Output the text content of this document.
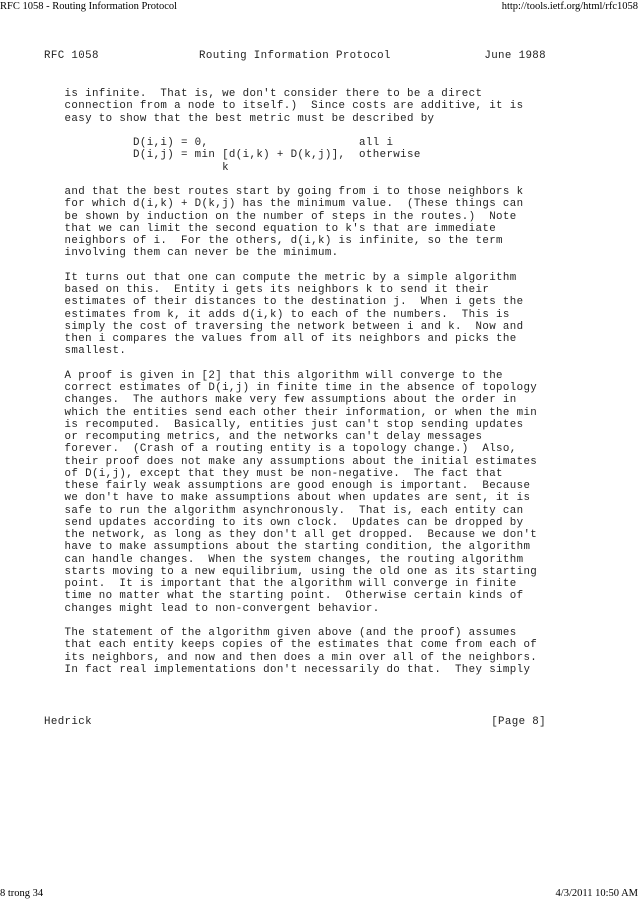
RFC 1058 - Routing Information Protocol	http://tools.ietf.org/html/rfc1058

RFC 1058

	Routing Information Protocol

	June 1988

is infinite.  That is, we don't consider there to be a direct
connection from a node to itself.)  Since costs are additive, it is
easy to show that the best metric must be described by

D(i,i) = 0,                      all i
D(i,j) = min [d(i,k) + D(k,j)],  otherwise
k

and that the best routes start by going from i to those neighbors k
for which d(i,k) + D(k,j) has the minimum value.  (These things can
be shown by induction on the number of steps in the routes.)  Note
that we can limit the second equation to k's that are immediate
neighbors of i.  For the others, d(i,k) is infinite, so the term
involving them can never be the minimum.

It turns out that one can compute the metric by a simple algorithm
based on this.  Entity i gets its neighbors k to send it their
estimates of their distances to the destination j.  When i gets the
estimates from k, it adds d(i,k) to each of the numbers.  This is
simply the cost of traversing the network between i and k.  Now and
then i compares the values from all of its neighbors and picks the
smallest.

A proof is given in [2] that this algorithm will converge to the
correct estimates of D(i,j) in finite time in the absence of topology
changes.  The authors make very few assumptions about the order in
which the entities send each other their information, or when the min
is recomputed.  Basically, entities just can't stop sending updates
or recomputing metrics, and the networks can't delay messages
forever.  (Crash of a routing entity is a topology change.)  Also,
their proof does not make any assumptions about the initial estimates
of D(i,j), except that they must be non-negative.  The fact that
these fairly weak assumptions are good enough is important.  Because
we don't have to make assumptions about when updates are sent, it is
safe to run the algorithm asynchronously.  That is, each entity can
send updates according to its own clock.  Updates can be dropped by
the network, as long as they don't all get dropped.  Because we don't
have to make assumptions about the starting condition, the algorithm
can handle changes.  When the system changes, the routing algorithm
starts moving to a new equilibrium, using the old one as its starting
point.  It is important that the algorithm will converge in finite
time no matter what the starting point.  Otherwise certain kinds of
changes might lead to non-convergent behavior.

The statement of the algorithm given above (and the proof) assumes
that each entity keeps copies of the estimates that come from each of
its neighbors, and now and then does a min over all of the neighbors.
In fact real implementations don't necessarily do that.  They simply

Hedrick

	[Page 8]

8 trong 34	4/3/2011 10:50 AM
